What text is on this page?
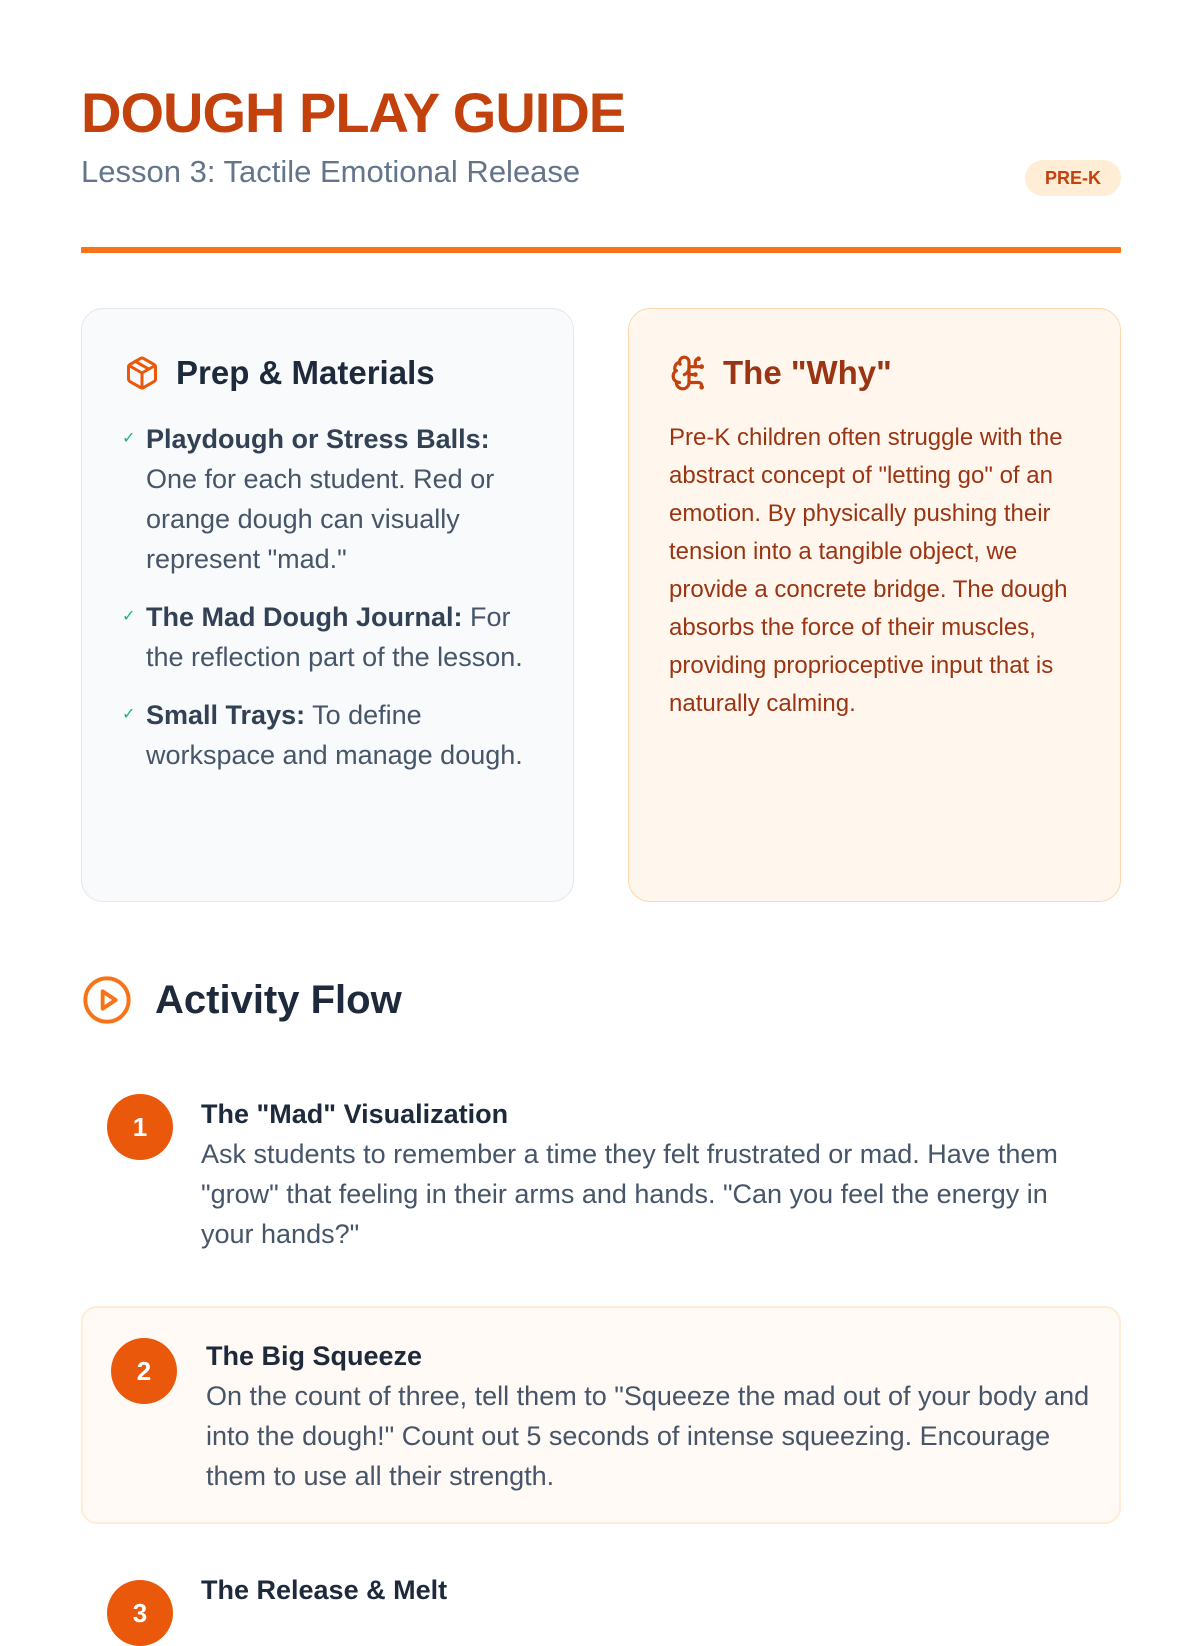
DOUGH PLAY GUIDE
Lesson 3: Tactile Emotional Release	PRE-K
Prep & Materials
✓ Playdough or Stress Balls: One for each student. Red or orange dough can visually represent "mad."
✓ The Mad Dough Journal: For the reflection part of the lesson.
✓ Small Trays: To define workspace and manage dough.
The "Why"
Pre-K children often struggle with the abstract concept of "letting go" of an emotion. By physically pushing their tension into a tangible object, we provide a concrete bridge. The dough absorbs the force of their muscles, providing proprioceptive input that is naturally calming.
Activity Flow
1	The "Mad" Visualization
Ask students to remember a time they felt frustrated or mad. Have them "grow" that feeling in their arms and hands. "Can you feel the energy in your hands?"
2	The Big Squeeze
On the count of three, tell them to "Squeeze the mad out of your body and into the dough!" Count out 5 seconds of intense squeezing. Encourage them to use all their strength.
3
The Release & Melt
